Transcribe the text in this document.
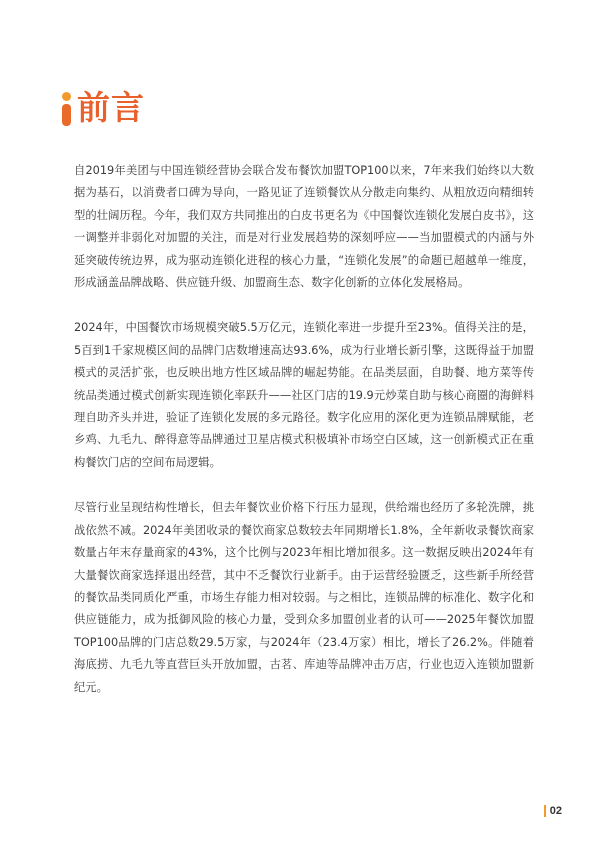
前言

自2019年美团与中国连锁经营协会联合发布餐饮加盟TOP100以来，7年来我们始终以大数据为基石，以消费者口碑为导向，一路见证了连锁餐饮从分散走向集约、从粗放迈向精细转型的壮阔历程。今年，我们双方共同推出的白皮书更名为《中国餐饮连锁化发展白皮书》，这一调整并非弱化对加盟的关注，而是对行业发展趋势的深刻呼应——当加盟模式的内涵与外延突破传统边界，成为驱动连锁化进程的核心力量，“连锁化发展”的命题已超越单一维度，形成涵盖品牌战略、供应链升级、加盟商生态、数字化创新的立体化发展格局。

2024年，中国餐饮市场规模突破5.5万亿元，连锁化率进一步提升至23%。值得关注的是，5百到1千家规模区间的品牌门店数增速高达93.6%，成为行业增长新引擎，这既得益于加盟模式的灵活扩张，也反映出地方性区域品牌的崛起势能。在品类层面，自助餐、地方菜等传统品类通过模式创新实现连锁化率跃升——社区门店的19.9元炒菜自助与核心商圈的海鲜料理自助齐头并进，验证了连锁化发展的多元路径。数字化应用的深化更为连锁品牌赋能，老乡鸡、九毛九、醉得意等品牌通过卫星店模式积极填补市场空白区域，这一创新模式正在重构餐饮门店的空间布局逻辑。

尽管行业呈现结构性增长，但去年餐饮业价格下行压力显现，供给端也经历了多轮洗牌，挑战依然不减。2024年美团收录的餐饮商家总数较去年同期增长1.8%，全年新收录餐饮商家数量占年末存量商家的43%，这个比例与2023年相比增加很多。这一数据反映出2024年有大量餐饮商家选择退出经营，其中不乏餐饮行业新手。由于运营经验匮乏，这些新手所经营的餐饮品类同质化严重，市场生存能力相对较弱。与之相比，连锁品牌的标准化、数字化和供应链能力，成为抵御风险的核心力量，受到众多加盟创业者的认可——2025年餐饮加盟TOP100品牌的门店总数29.5万家，与2024年（23.4万家）相比，增长了26.2%。伴随着海底捞、九毛九等直营巨头开放加盟，古茗、库迪等品牌冲击万店，行业也迈入连锁加盟新纪元。

02
